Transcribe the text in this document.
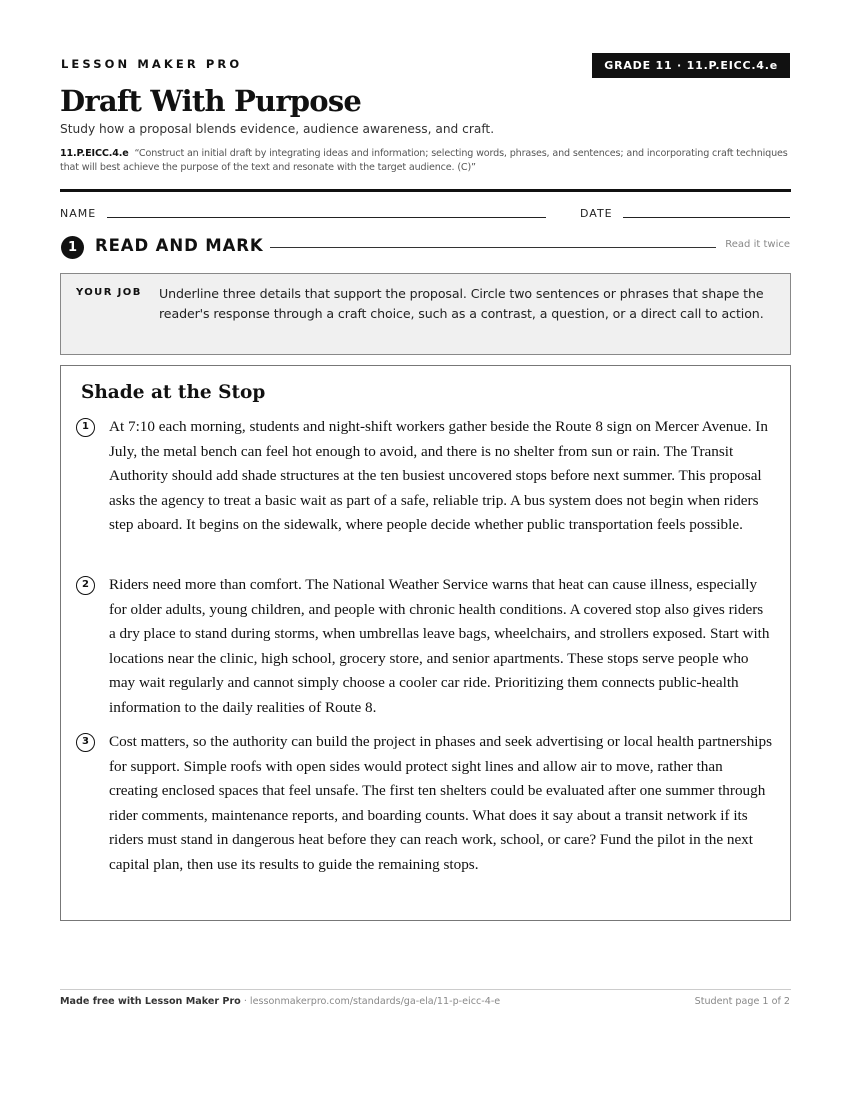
LESSON MAKER PRO	GRADE 11 · 11.P.EICC.4.e
Draft With Purpose
Study how a proposal blends evidence, audience awareness, and craft.
11.P.EICC.4.e “Construct an initial draft by integrating ideas and information; selecting words, phrases, and sentences; and incorporating craft techniques that will best achieve the purpose of the text and resonate with the target audience. (C)”
NAME	DATE
1	READ AND MARK	Read it twice
YOUR JOB Underline three details that support the proposal. Circle two sentences or phrases that shape the reader's response through a craft choice, such as a contrast, a question, or a direct call to action.
Shade at the Stop
1	At 7:10 each morning, students and night-shift workers gather beside the Route 8 sign on Mercer Avenue. In July, the metal bench can feel hot enough to avoid, and there is no shelter from sun or rain. The Transit Authority should add shade structures at the ten busiest uncovered stops before next summer. This proposal asks the agency to treat a basic wait as part of a safe, reliable trip. A bus system does not begin when riders step aboard. It begins on the sidewalk, where people decide whether public transportation feels possible.

2	Riders need more than comfort. The National Weather Service warns that heat can cause illness, especially for older adults, young children, and people with chronic health conditions. A covered stop also gives riders a dry place to stand during storms, when umbrellas leave bags, wheelchairs, and strollers exposed. Start with locations near the clinic, high school, grocery store, and senior apartments. These stops serve people who may wait regularly and cannot simply choose a cooler car ride. Prioritizing them connects public-health information to the daily realities of Route 8.

3	Cost matters, so the authority can build the project in phases and seek advertising or local health partnerships for support. Simple roofs with open sides would protect sight lines and allow air to move, rather than creating enclosed spaces that feel unsafe. The first ten shelters could be evaluated after one summer through rider comments, maintenance reports, and boarding counts. What does it say about a transit network if its riders must stand in dangerous heat before they can reach work, school, or care? Fund the pilot in the next capital plan, then use its results to guide the remaining stops.

Made free with Lesson Maker Pro · lessonmakerpro.com/standards/ga-ela/11-p-eicc-4-e	Student page 1 of 2
